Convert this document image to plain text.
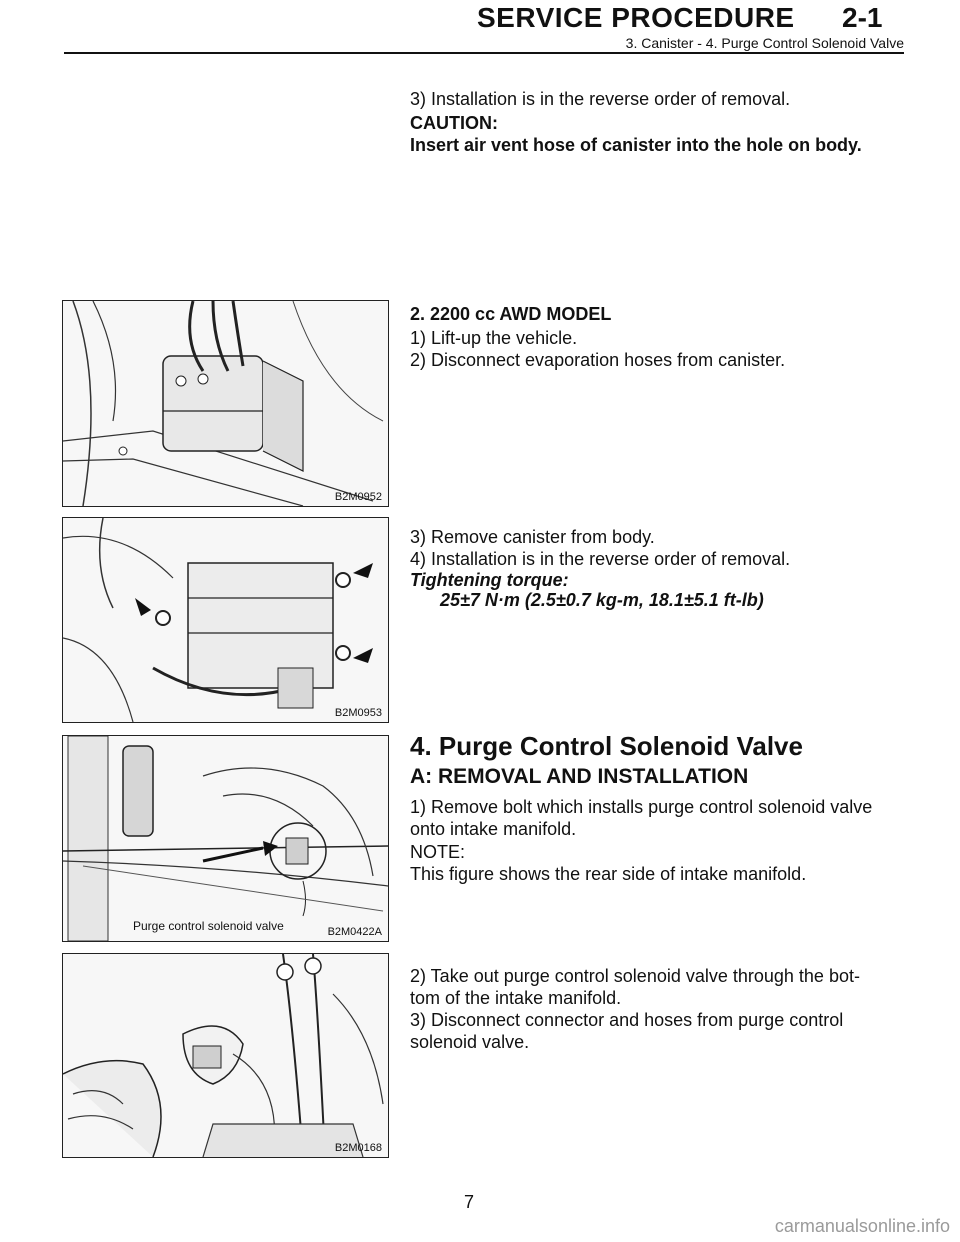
SERVICE PROCEDURE 2-1
3. Canister - 4. Purge Control Solenoid Valve
3) Installation is in the reverse order of removal.
CAUTION:
Insert air vent hose of canister into the hole on body.
B2M0952
2. 2200 cc AWD MODEL
1) Lift-up the vehicle.
2) Disconnect evaporation hoses from canister.
B2M0953
3) Remove canister from body.
4) Installation is in the reverse order of removal.
Tightening torque:
25±7 N·m (2.5±0.7 kg-m, 18.1±5.1 ft-lb)
Purge control solenoid valve	B2M0422A
4. Purge Control Solenoid Valve
A: REMOVAL AND INSTALLATION
1) Remove bolt which installs purge control solenoid valve
onto intake manifold.
NOTE:
This figure shows the rear side of intake manifold.
B2M0168
2) Take out purge control solenoid valve through the bot-
tom of the intake manifold.
3) Disconnect connector and hoses from purge control
solenoid valve.
7
carmanualsonline.info
